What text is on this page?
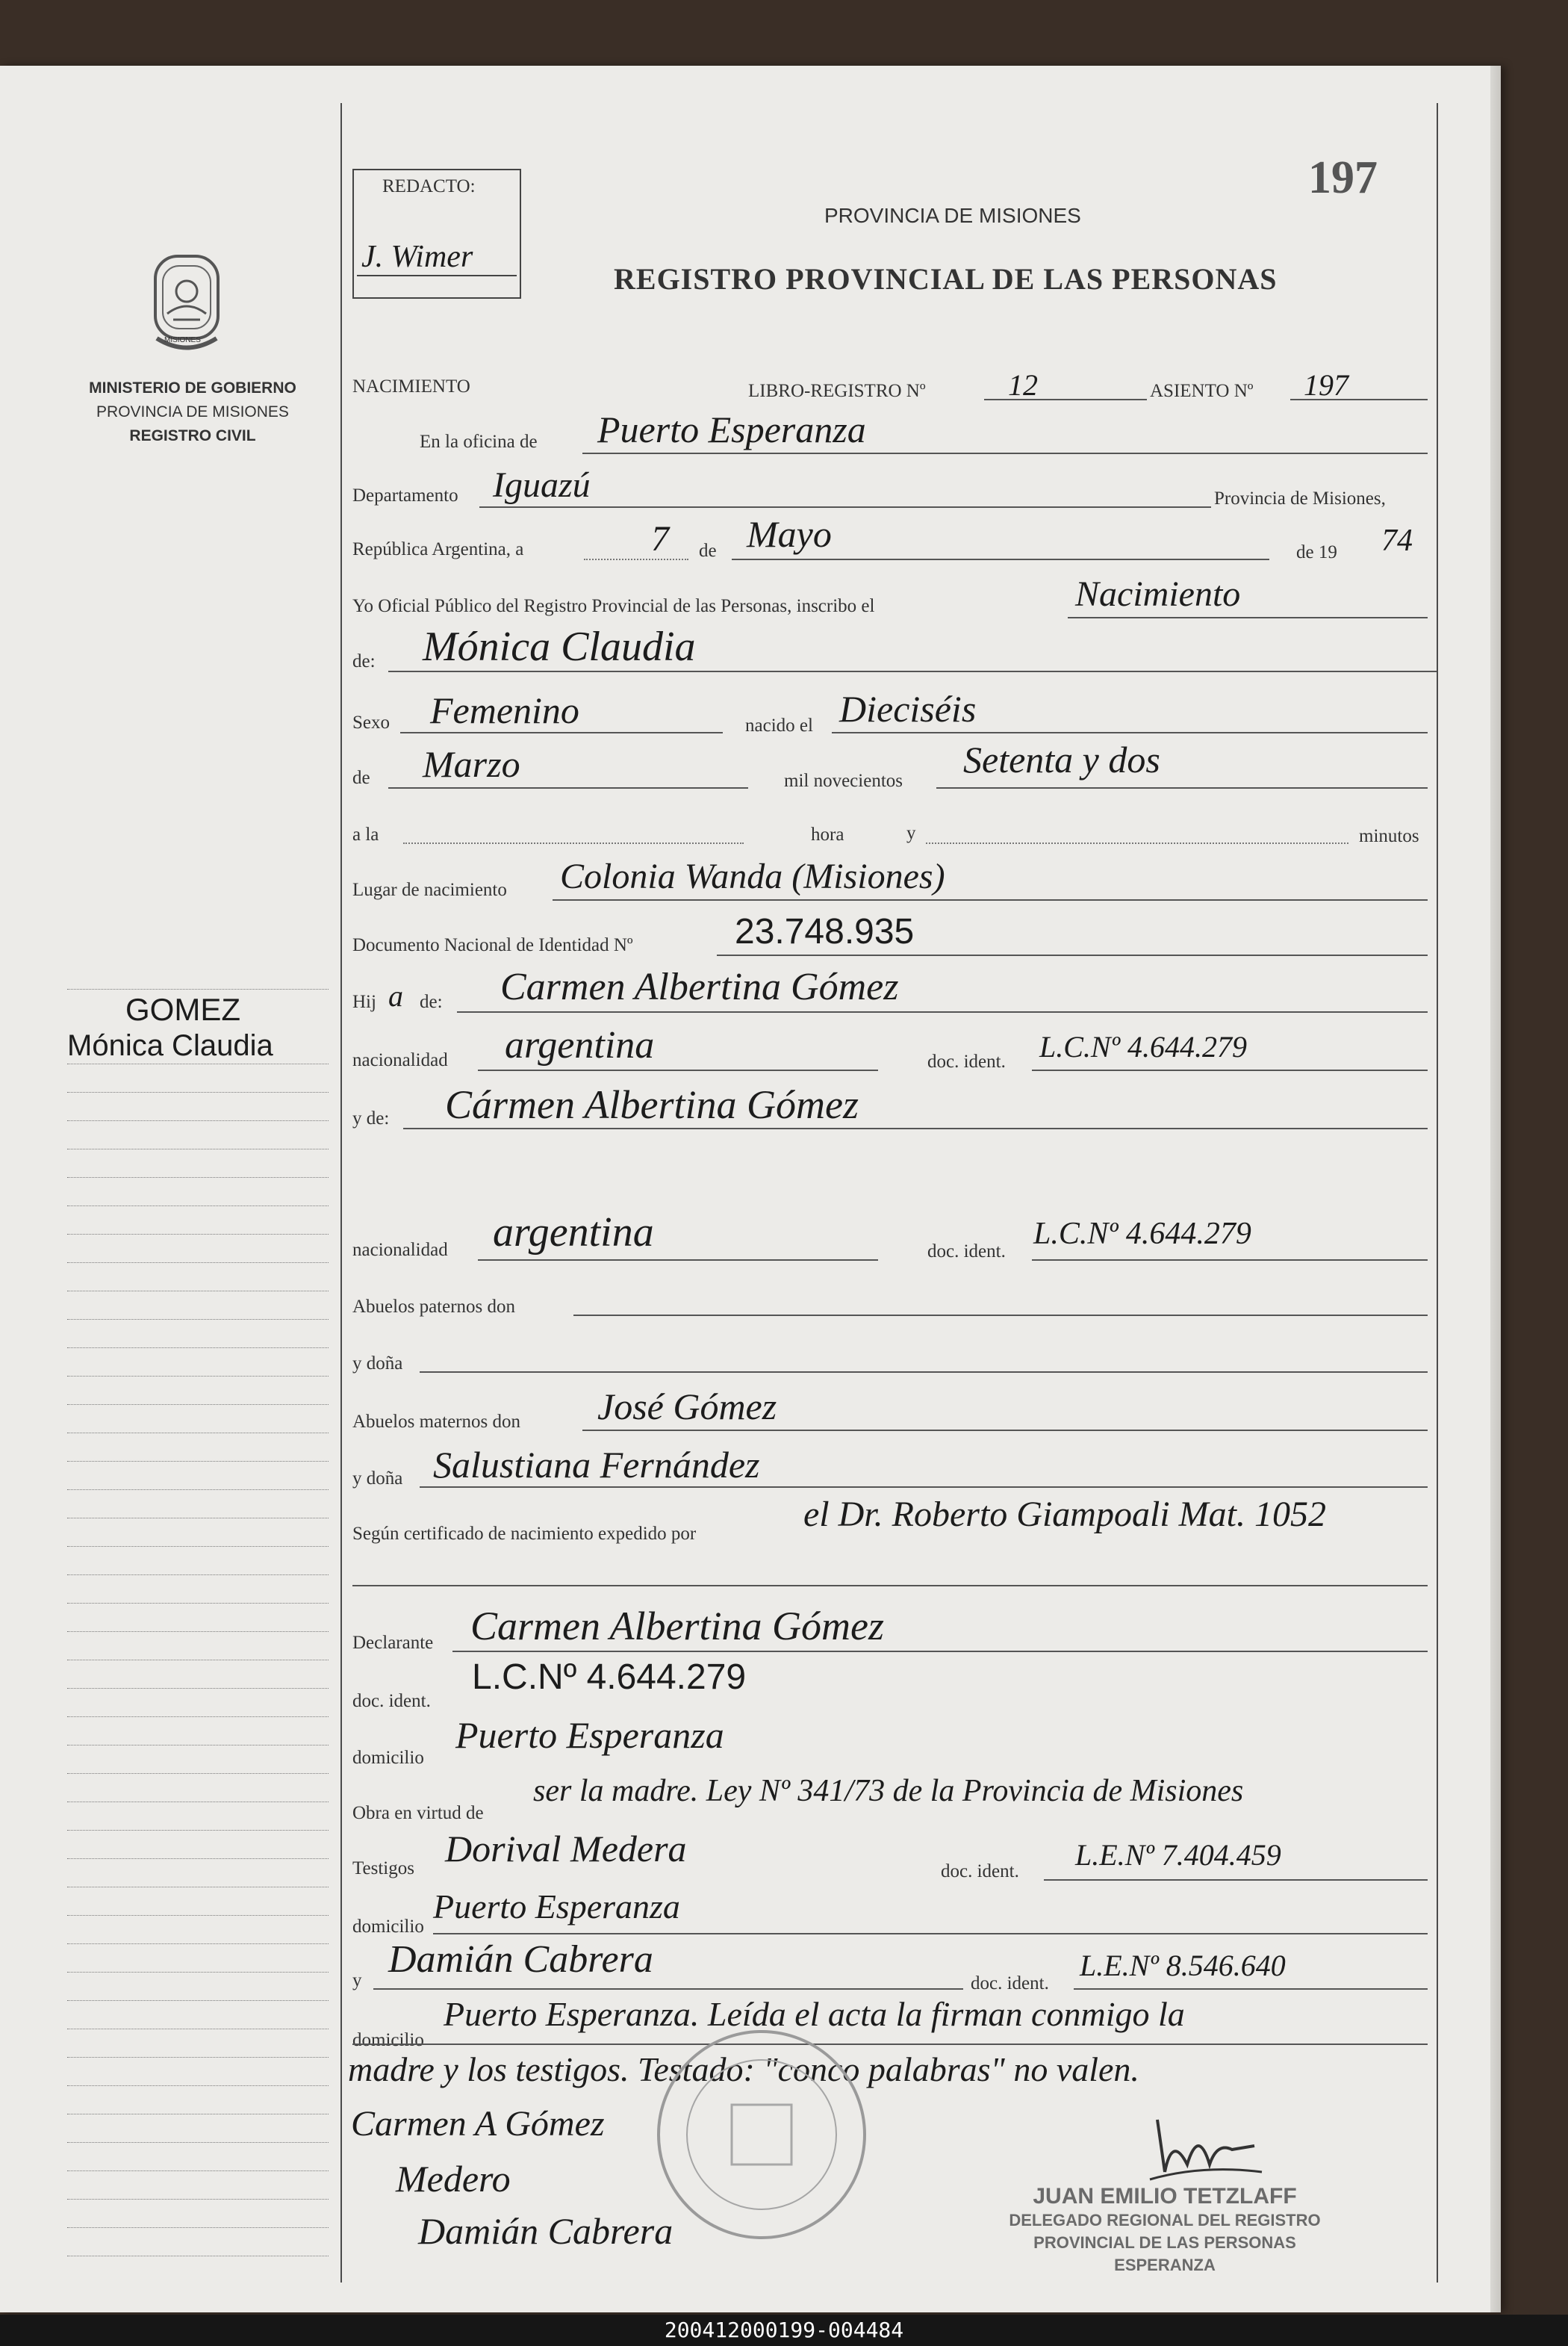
MISIONES
MINISTERIO DE GOBIERNO
PROVINCIA DE MISIONES
REGISTRO CIVIL
GOMEZ
Mónica Claudia
REDACTO:
J. Wimer
197
PROVINCIA DE MISIONES
REGISTRO PROVINCIAL DE LAS PERSONAS
NACIMIENTO	LIBRO-REGISTRO Nº	12	ASIENTO Nº 197
En la oficina de Puerto Esperanza
Departamento Iguazú	Provincia de Misiones,
República Argentina, a	7 de Mayo	de 19 74
Yo Oficial Público del Registro Provincial de las Personas, inscribo el	Nacimiento
de: Mónica Claudia
Sexo Femenino	nacido el Dieciséis
de Marzo	mil novecientos
Setenta y dos
a la	hora	y	minutos
Lugar de nacimiento Colonia Wanda (Misiones)
Documento Nacional de Identidad Nº	23.748.935
Hij a de: Carmen Albertina Gómez
nacionalidad argentina	doc. ident. L.C.Nº 4.644.279
y de: Cármen Albertina Gómez
nacionalidad argentina	doc. ident.
L.C.Nº 4.644.279
Abuelos paternos don
y doña
Abuelos maternos don José Gómez
y doña Salustiana Fernández
Según certificado de nacimiento expedido por	el Dr. Roberto Giampoali Mat. 1052
Declarante Carmen Albertina Gómez
doc. ident.
L.C.Nº 4.644.279
domicilio
Puerto Esperanza
Obra en virtud de
ser la madre. Ley Nº 341/73 de la Provincia de Misiones
Testigos Dorival Medera
doc. ident. L.E.Nº 7.404.459
domicilio
Puerto Esperanza
y Damián Cabrera
doc. ident.
L.E.Nº 8.546.640
domicilio
Puerto Esperanza. Leída el acta la firman conmigo la
madre y los testigos. Testado: "conco palabras" no valen.
Carmen A Gómez
Medero
Damián Cabrera
JUAN EMILIO TETZLAFF
DELEGADO REGIONAL DEL REGISTRO
PROVINCIAL DE LAS PERSONAS
ESPERANZA
200412000199-004484
